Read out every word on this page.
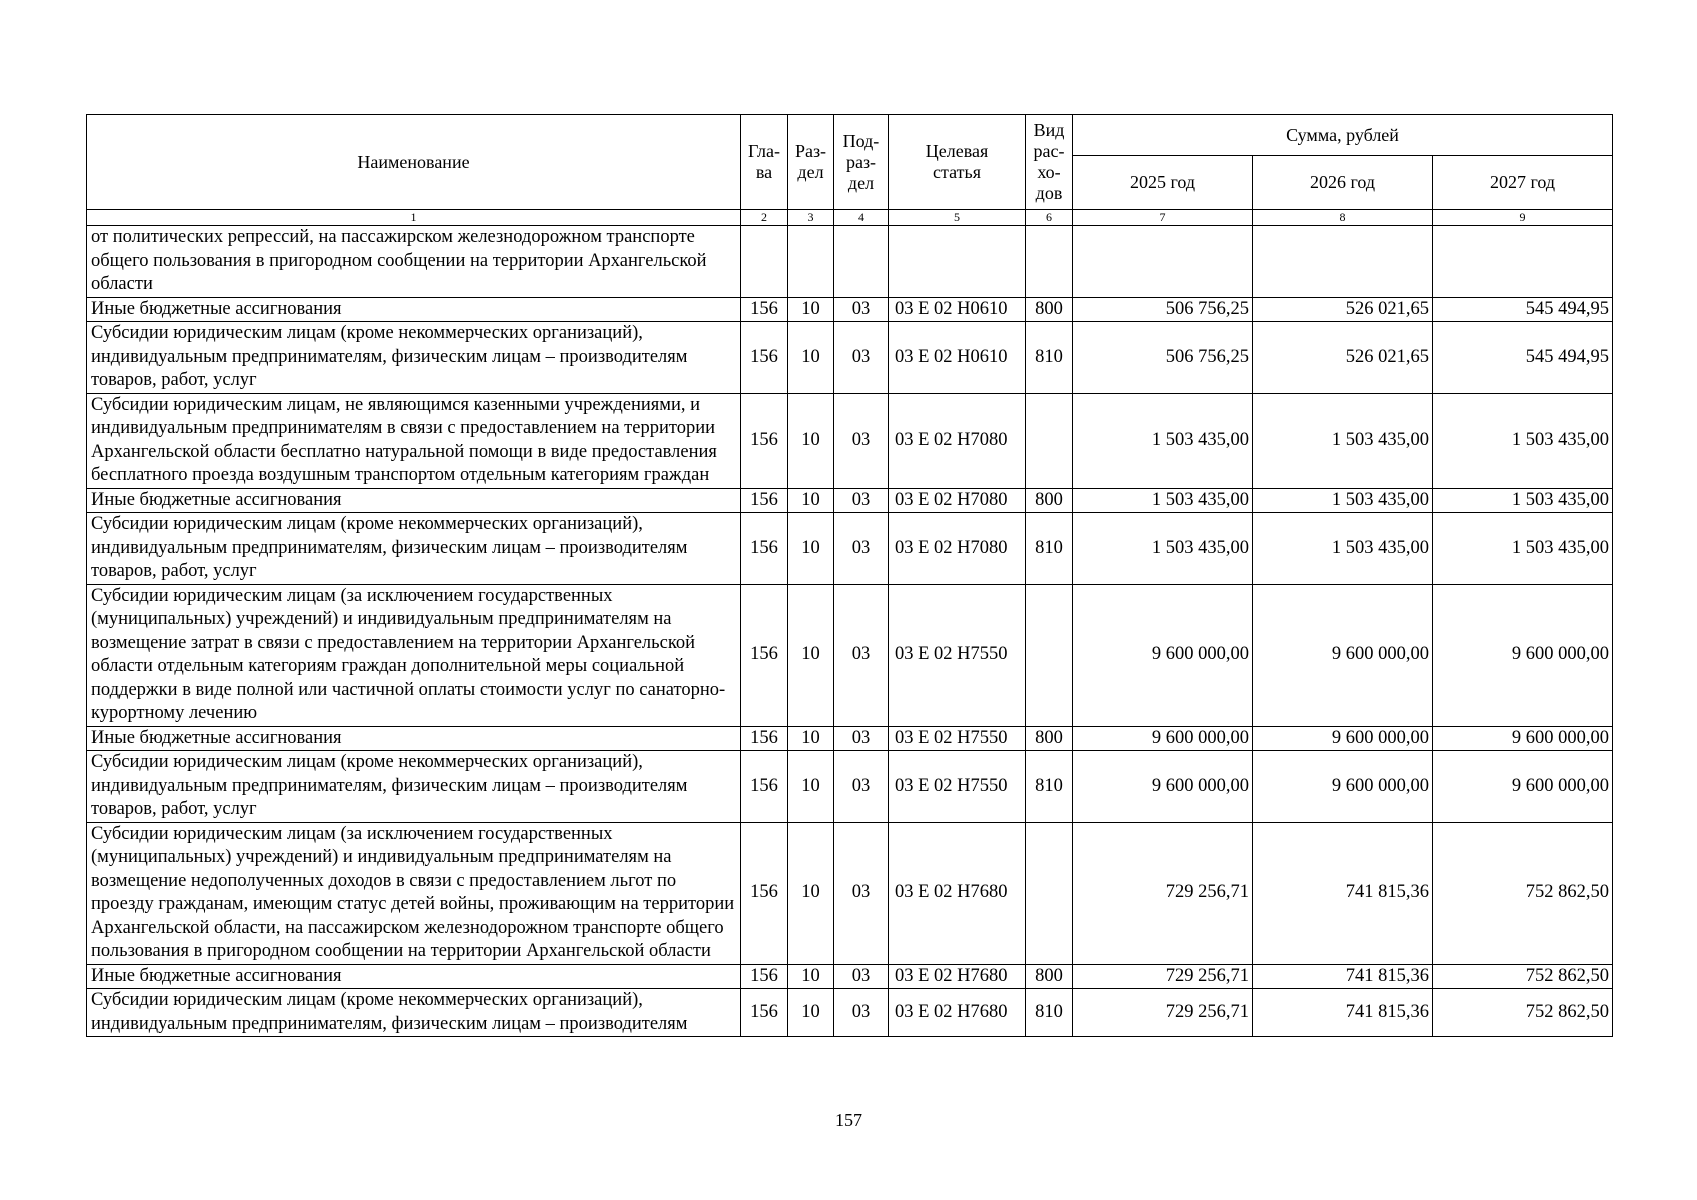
Наименование	Гла-ва	Раз-дел	Под-раз-дел	Целевая статья	Вид рас-хо-дов	Сумма, рублей		
						2025 год	2026 год	2027 год
1	2	3	4	5	6	7	8	9
от политических репрессий, на пассажирском железнодорожном транспорте общего пользования в пригородном сообщении на территории Архангельской области								
Иные бюджетные ассигнования	156	10	03	03 Е 02 Н0610	800	506 756,25	526 021,65	545 494,95
Субсидии юридическим лицам (кроме некоммерческих организаций), индивидуальным предпринимателям, физическим лицам – производителям товаров, работ, услуг	156	10	03	03 Е 02 Н0610	810	506 756,25	526 021,65	545 494,95
Субсидии юридическим лицам, не являющимся казенными учреждениями, и индивидуальным предпринимателям в связи с предоставлением на территории Архангельской области бесплатно натуральной помощи в виде предоставления бесплатного проезда воздушным транспортом отдельным категориям граждан	156	10	03	03 Е 02 Н7080		1 503 435,00	1 503 435,00	1 503 435,00
Иные бюджетные ассигнования	156	10	03	03 Е 02 Н7080	800	1 503 435,00	1 503 435,00	1 503 435,00
Субсидии юридическим лицам (кроме некоммерческих организаций), индивидуальным предпринимателям, физическим лицам – производителям товаров, работ, услуг	156	10	03	03 Е 02 Н7080	810	1 503 435,00	1 503 435,00	1 503 435,00
Субсидии юридическим лицам (за исключением государственных (муниципальных) учреждений) и индивидуальным предпринимателям на возмещение затрат в связи с предоставлением на территории Архангельской области отдельным категориям граждан дополнительной меры социальной поддержки в виде полной или частичной оплаты стоимости услуг по санаторно-курортному лечению	156	10	03	03 Е 02 Н7550		9 600 000,00	9 600 000,00	9 600 000,00
Иные бюджетные ассигнования	156	10	03	03 Е 02 Н7550	800	9 600 000,00	9 600 000,00	9 600 000,00
Субсидии юридическим лицам (кроме некоммерческих организаций), индивидуальным предпринимателям, физическим лицам – производителям товаров, работ, услуг	156	10	03	03 Е 02 Н7550	810	9 600 000,00	9 600 000,00	9 600 000,00
Субсидии юридическим лицам (за исключением государственных (муниципальных) учреждений) и индивидуальным предпринимателям на возмещение недополученных доходов в связи с предоставлением льгот по проезду гражданам, имеющим статус детей войны, проживающим на территории Архангельской области, на пассажирском железнодорожном транспорте общего пользования в пригородном сообщении на территории Архангельской области	156	10	03	03 Е 02 Н7680		729 256,71	741 815,36	752 862,50
Иные бюджетные ассигнования	156	10	03	03 Е 02 Н7680	800	729 256,71	741 815,36	752 862,50
Субсидии юридическим лицам (кроме некоммерческих организаций), индивидуальным предпринимателям, физическим лицам – производителям	156	10	03	03 Е 02 Н7680	810	729 256,71	741 815,36	752 862,50
157
